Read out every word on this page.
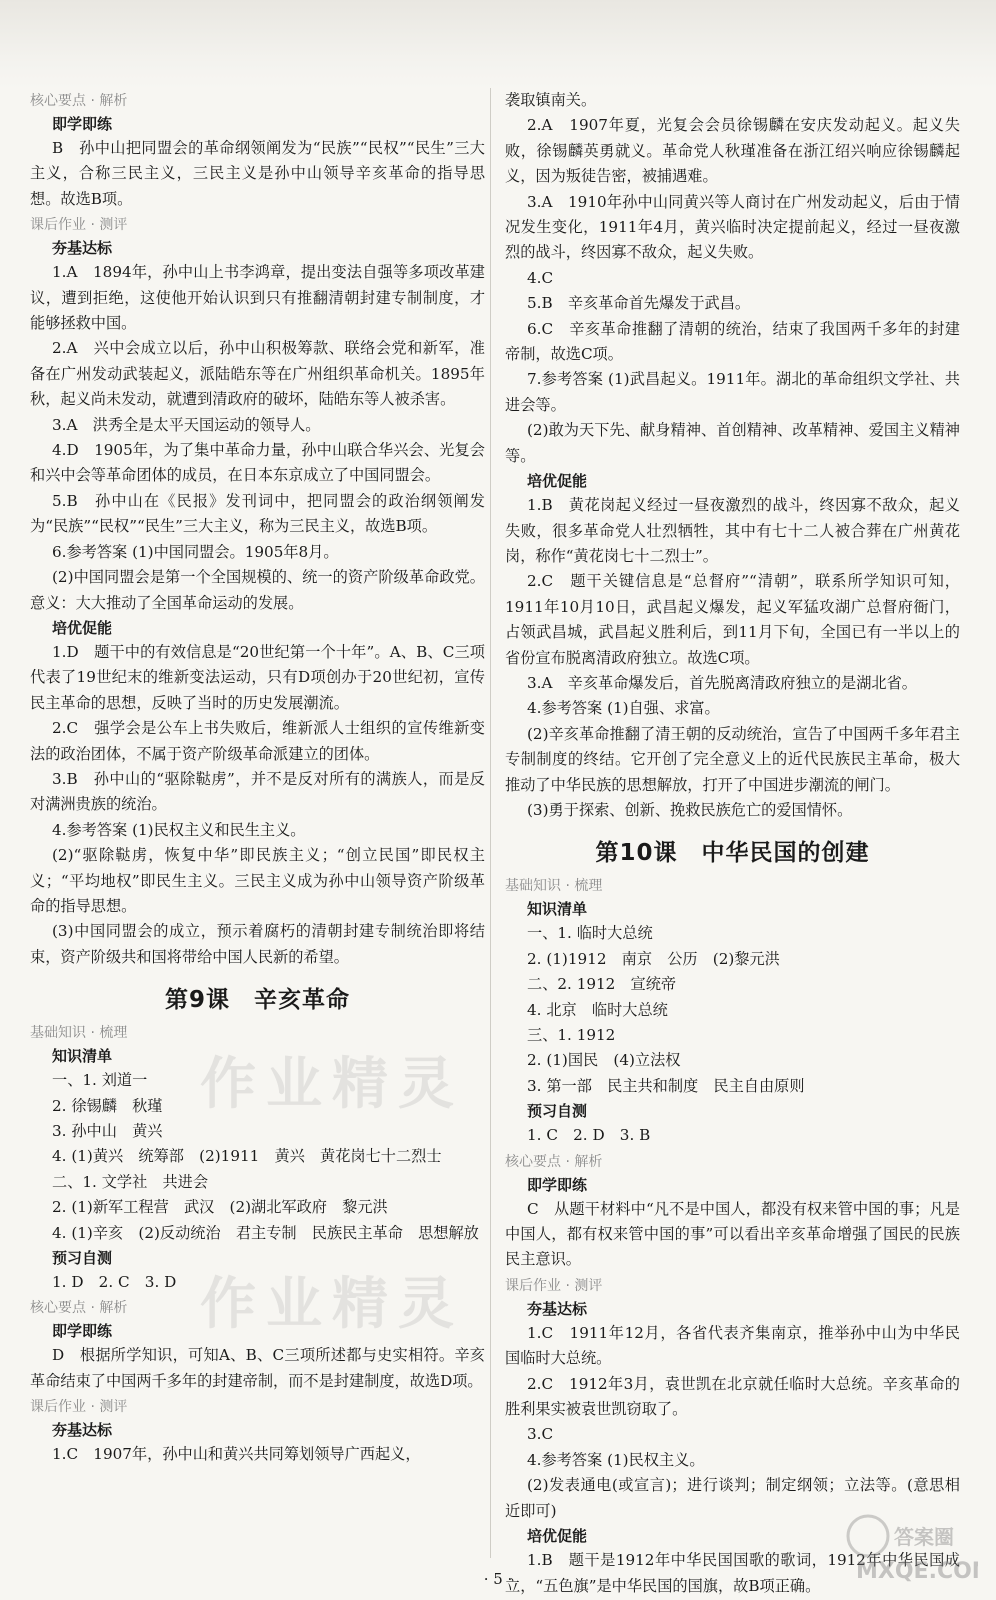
核心要点 · 解析

即学即练

B　孙中山把同盟会的革命纲领阐发为“民族”“民权”“民生”三大主义，合称三民主义，三民主义是孙中山领导辛亥革命的指导思想。故选B项。

课后作业 · 测评

夯基达标

1.A　1894年，孙中山上书李鸿章，提出变法自强等多项改革建议，遭到拒绝，这使他开始认识到只有推翻清朝封建专制制度，才能够拯救中国。

2.A　兴中会成立以后，孙中山积极筹款、联络会党和新军，准备在广州发动武装起义，派陆皓东等在广州组织革命机关。1895年秋，起义尚未发动，就遭到清政府的破坏，陆皓东等人被杀害。

3.A　洪秀全是太平天国运动的领导人。

4.D　1905年，为了集中革命力量，孙中山联合华兴会、光复会和兴中会等革命团体的成员，在日本东京成立了中国同盟会。

5.B　孙中山在《民报》发刊词中，把同盟会的政治纲领阐发为“民族”“民权”“民生”三大主义，称为三民主义，故选B项。

6.参考答案 (1)中国同盟会。1905年8月。

(2)中国同盟会是第一个全国规模的、统一的资产阶级革命政党。意义：大大推动了全国革命运动的发展。

培优促能

1.D　题干中的有效信息是“20世纪第一个十年”。A、B、C三项代表了19世纪末的维新变法运动，只有D项创办于20世纪初，宣传民主革命的思想，反映了当时的历史发展潮流。

2.C　强学会是公车上书失败后，维新派人士组织的宣传维新变法的政治团体，不属于资产阶级革命派建立的团体。

3.B　孙中山的“驱除鞑虏”，并不是反对所有的满族人，而是反对满洲贵族的统治。

4.参考答案 (1)民权主义和民生主义。

(2)“驱除鞑虏，恢复中华”即民族主义；“创立民国”即民权主义；“平均地权”即民生主义。三民主义成为孙中山领导资产阶级革命的指导思想。

(3)中国同盟会的成立，预示着腐朽的清朝封建专制统治即将结束，资产阶级共和国将带给中国人民新的希望。

第9课　辛亥革命

基础知识 · 梳理

知识清单

一、1. 刘道一

2. 徐锡麟　秋瑾

3. 孙中山　黄兴

4. (1)黄兴　统筹部　(2)1911　黄兴　黄花岗七十二烈士

二、1. 文学社　共进会

2. (1)新军工程营　武汉　(2)湖北军政府　黎元洪

4. (1)辛亥　(2)反动统治　君主专制　民族民主革命　思想解放

预习自测

1. D　2. C　3. D

核心要点 · 解析

即学即练

D　根据所学知识，可知A、B、C三项所述都与史实相符。辛亥革命结束了中国两千多年的封建帝制，而不是封建制度，故选D项。

课后作业 · 测评

夯基达标

1.C　1907年，孙中山和黄兴共同筹划领导广西起义，

袭取镇南关。

2.A　1907年夏，光复会会员徐锡麟在安庆发动起义。起义失败，徐锡麟英勇就义。革命党人秋瑾准备在浙江绍兴响应徐锡麟起义，因为叛徒告密，被捕遇难。

3.A　1910年孙中山同黄兴等人商讨在广州发动起义，后由于情况发生变化，1911年4月，黄兴临时决定提前起义，经过一昼夜激烈的战斗，终因寡不敌众，起义失败。

4.C

5.B　辛亥革命首先爆发于武昌。

6.C　辛亥革命推翻了清朝的统治，结束了我国两千多年的封建帝制，故选C项。

7.参考答案 (1)武昌起义。1911年。湖北的革命组织文学社、共进会等。

(2)敢为天下先、献身精神、首创精神、改革精神、爱国主义精神等。

培优促能

1.B　黄花岗起义经过一昼夜激烈的战斗，终因寡不敌众，起义失败，很多革命党人壮烈牺牲，其中有七十二人被合葬在广州黄花岗，称作“黄花岗七十二烈士”。

2.C　题干关键信息是“总督府”“清朝”，联系所学知识可知，1911年10月10日，武昌起义爆发，起义军猛攻湖广总督府衙门，占领武昌城，武昌起义胜利后，到11月下旬，全国已有一半以上的省份宣布脱离清政府独立。故选C项。

3.A　辛亥革命爆发后，首先脱离清政府独立的是湖北省。

4.参考答案 (1)自强、求富。

(2)辛亥革命推翻了清王朝的反动统治，宣告了中国两千多年君主专制制度的终结。它开创了完全意义上的近代民族民主革命，极大推动了中华民族的思想解放，打开了中国进步潮流的闸门。

(3)勇于探索、创新、挽救民族危亡的爱国情怀。

第10课　中华民国的创建

基础知识 · 梳理

知识清单

一、1. 临时大总统

2. (1)1912　南京　公历　(2)黎元洪

二、2. 1912　宣统帝

4. 北京　临时大总统

三、1. 1912

2. (1)国民　(4)立法权

3. 第一部　民主共和制度　民主自由原则

预习自测

1. C　2. D　3. B

核心要点 · 解析

即学即练

C　从题干材料中“凡不是中国人，都没有权来管中国的事；凡是中国人，都有权来管中国的事”可以看出辛亥革命增强了国民的民族民主意识。

课后作业 · 测评

夯基达标

1.C　1911年12月，各省代表齐集南京，推举孙中山为中华民国临时大总统。

2.C　1912年3月，袁世凯在北京就任临时大总统。辛亥革命的胜利果实被袁世凯窃取了。

3.C

4.参考答案 (1)民权主义。

(2)发表通电(或宣言)；进行谈判；制定纲领；立法等。(意思相近即可)

培优促能

1.B　题干是1912年中华民国国歌的歌词，1912年中华民国成立，“五色旗”是中华民国的国旗，故B项正确。

作业精灵
作业精灵
· 5 ·
答案圈
MXQE.CO
